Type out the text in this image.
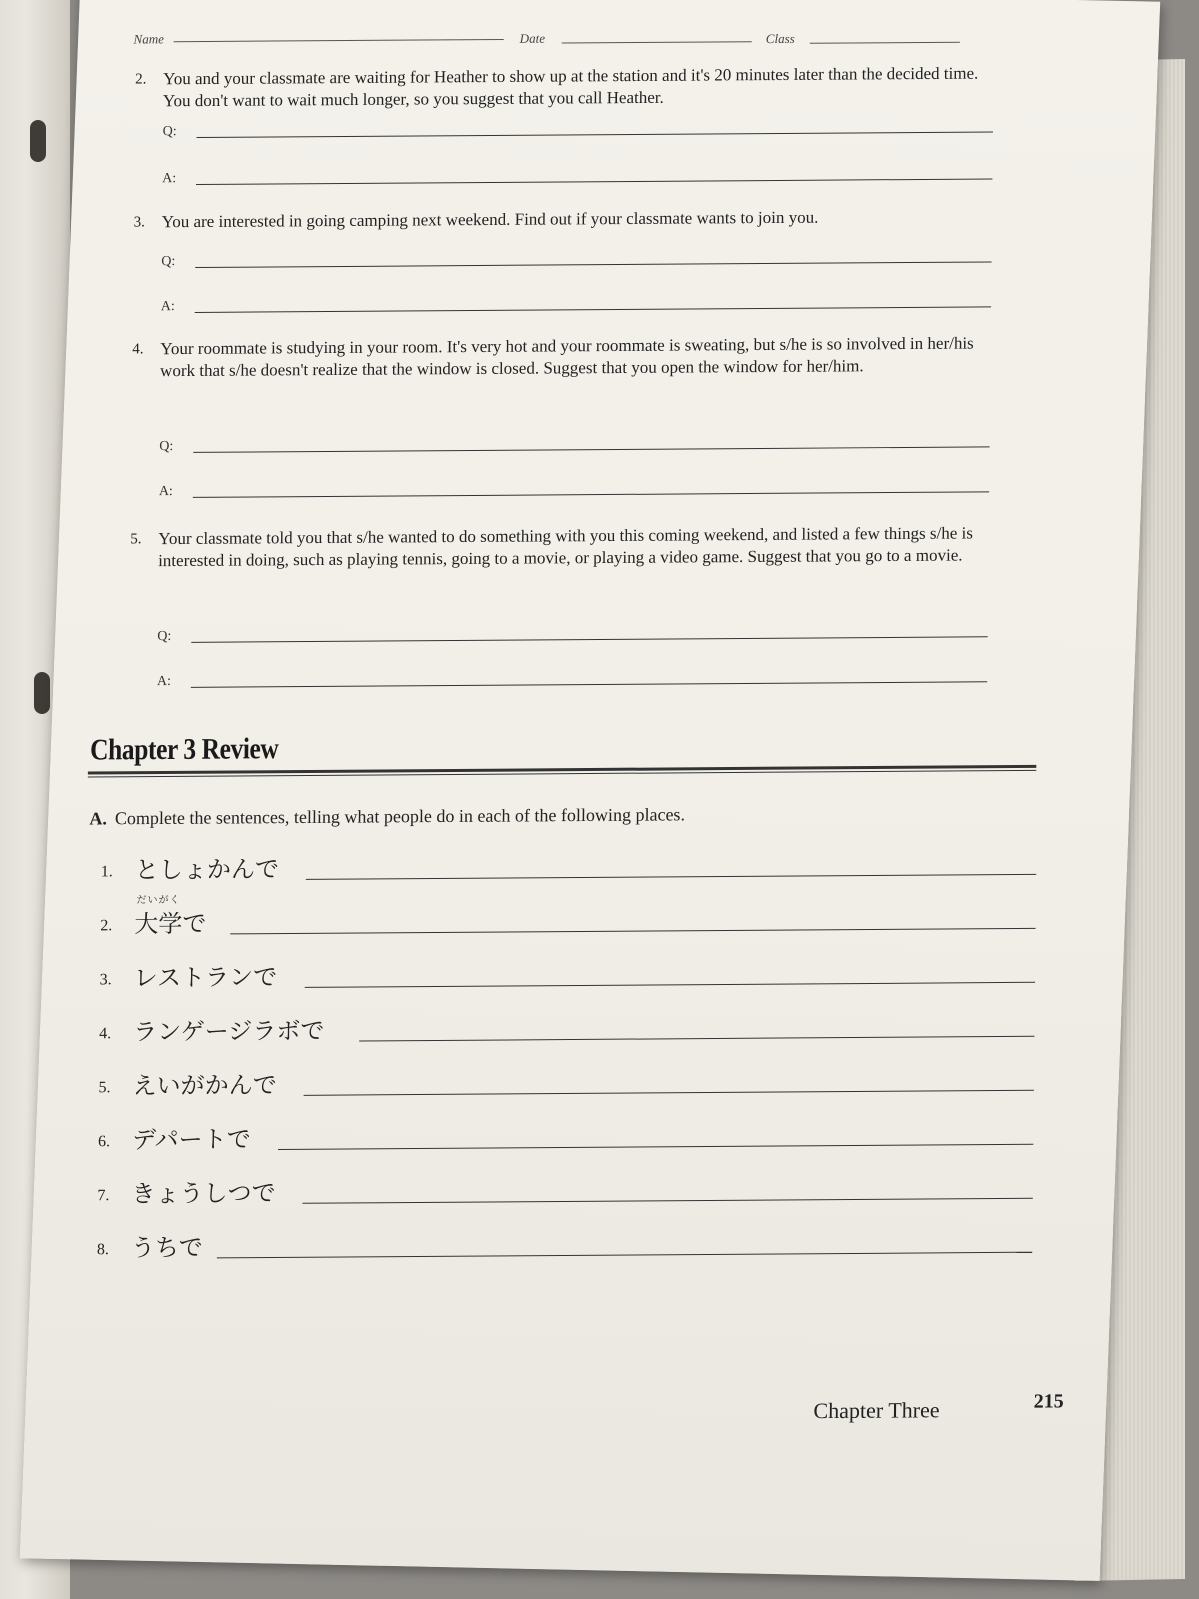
Name	Date	Class
2. You and your classmate are waiting for Heather to show up at the station and it's 20 minutes later than the decided time. You don't want to wait much longer, so you suggest that you call Heather.
Q:
A:
3. You are interested in going camping next weekend. Find out if your classmate wants to join you.
Q:
A:
4. Your roommate is studying in your room. It's very hot and your roommate is sweating, but s/he is so involved in her/his work that s/he doesn't realize that the window is closed. Suggest that you open the window for her/him.
Q:
A:
5. Your classmate told you that s/he wanted to do something with you this coming weekend, and listed a few things s/he is interested in doing, such as playing tennis, going to a movie, or playing a video game. Suggest that you go to a movie.
Q:
A:
Chapter 3 Review
A. Complete the sentences, telling what people do in each of the following places.
1. としょかんで
だいがく
2. 大学で
3. レストランで
4. ランゲージラボで
5. えいがかんで
6. デパートで
7. きょうしつで
8. うちで
Chapter Three	215
